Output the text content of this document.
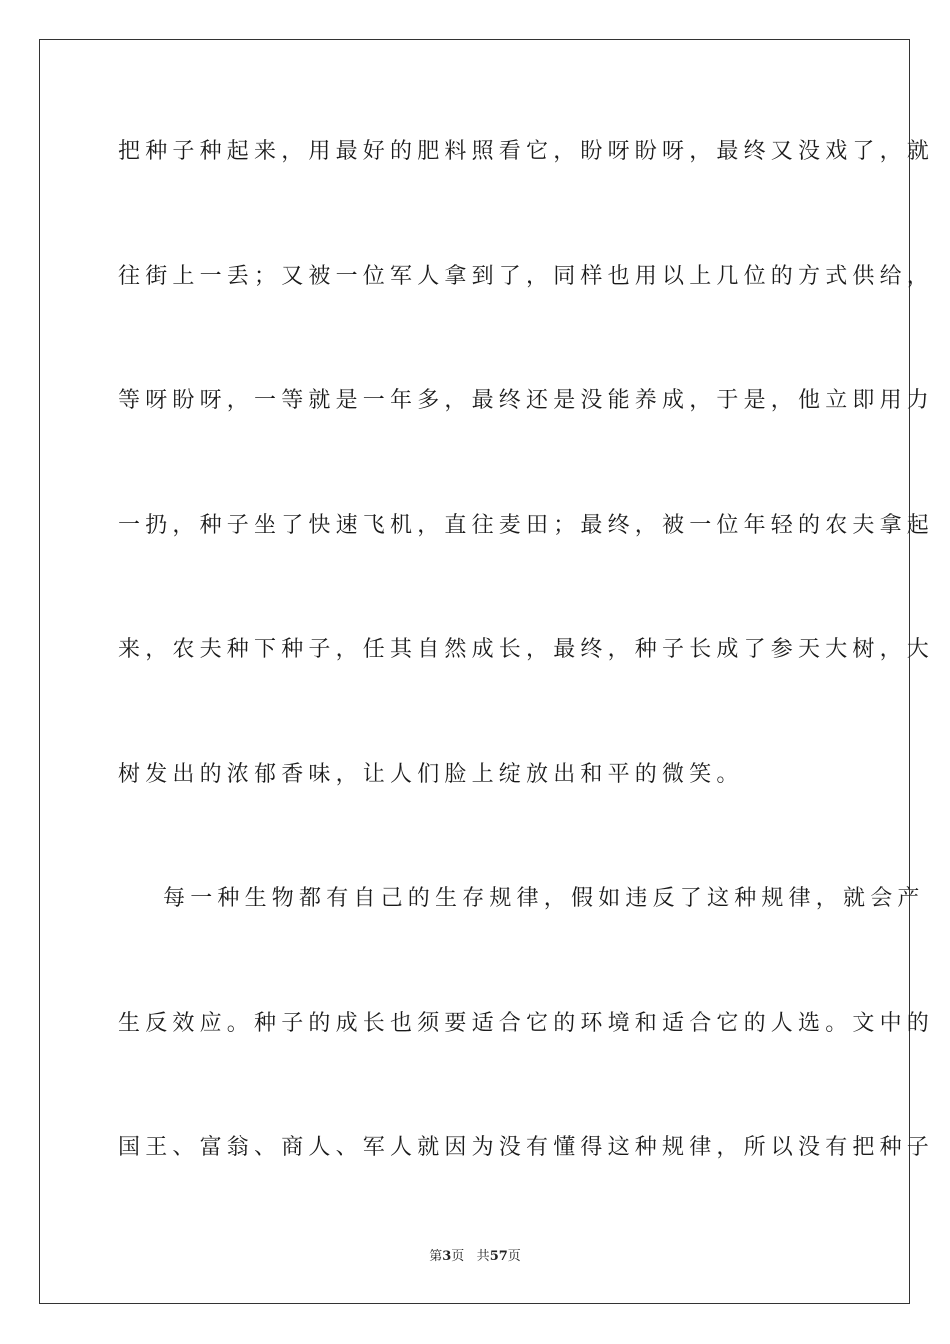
把种子种起来，用最好的肥料照看它，盼呀盼呀，最终又没戏了，就
往街上一丢；又被一位军人拿到了，同样也用以上几位的方式供给，
等呀盼呀，一等就是一年多，最终还是没能养成，于是，他立即用力
一扔，种子坐了快速飞机，直往麦田；最终，被一位年轻的农夫拿起
来，农夫种下种子，任其自然成长，最终，种子长成了参天大树，大
树发出的浓郁香味，让人们脸上绽放出和平的微笑。
每一种生物都有自己的生存规律，假如违反了这种规律，就会产
生反效应。种子的成长也须要适合它的环境和适合它的人选。文中的
国王、富翁、商人、军人就因为没有懂得这种规律，所以没有把种子
第3页 共57页
